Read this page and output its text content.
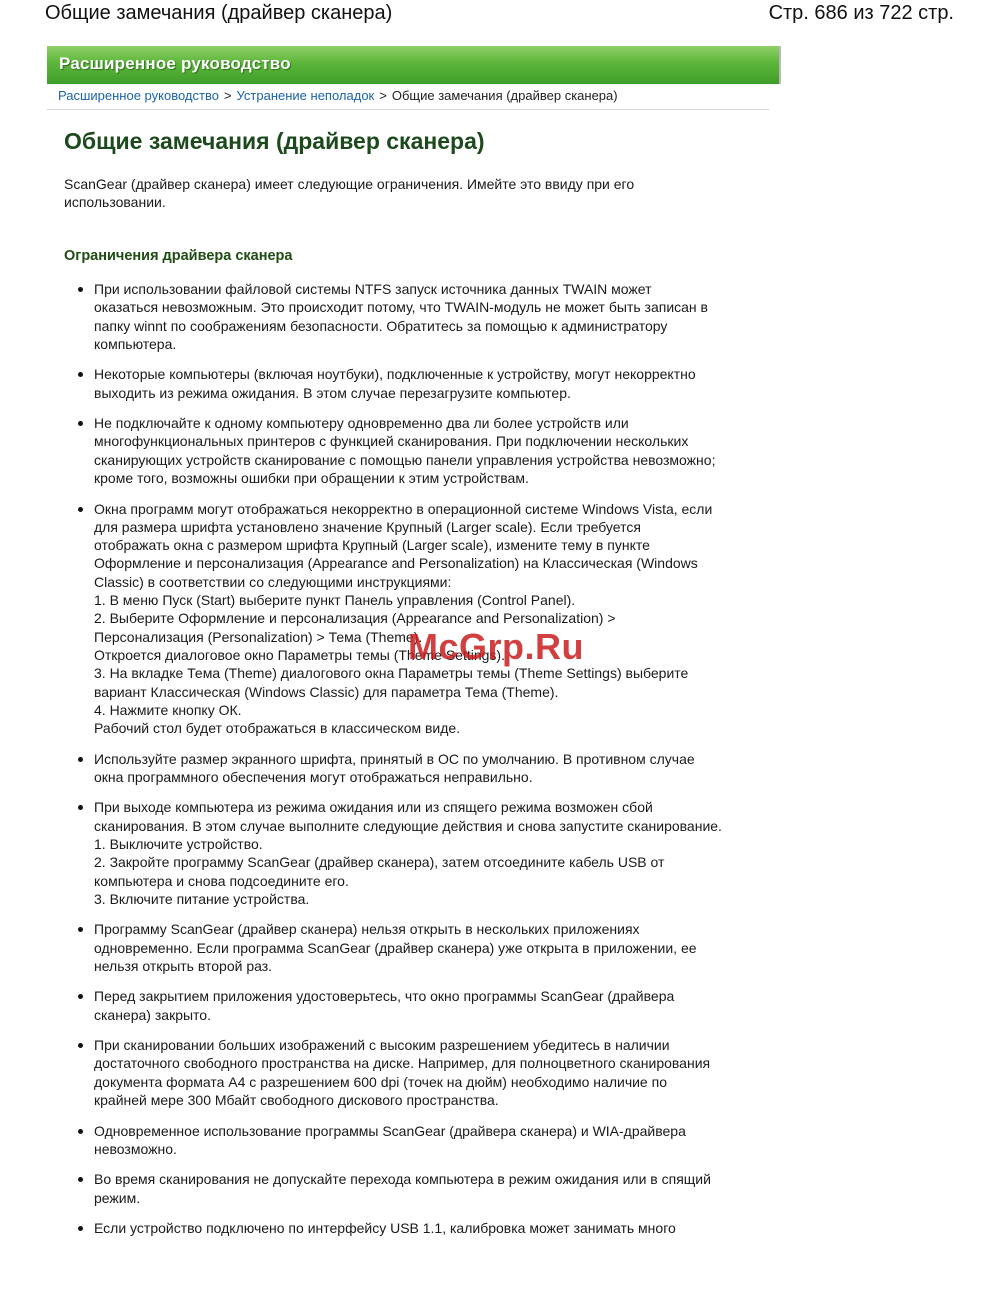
Общие замечания (драйвер сканера)	Стр. 686 из 722 стр.
Расширенное руководство
Расширенное руководство > Устранение неполадок > Общие замечания (драйвер сканера)
Общие замечания (драйвер сканера)

ScanGear (драйвер сканера) имеет следующие ограничения. Имейте это ввиду при его
использовании.

Ограничения драйвера сканера
При использовании файловой системы NTFS запуск источника данных TWAIN может
оказаться невозможным. Это происходит потому, что TWAIN-модуль не может быть записан в
папку winnt по соображениям безопасности. Обратитесь за помощью к администратору
компьютера.
Некоторые компьютеры (включая ноутбуки), подключенные к устройству, могут некорректно
выходить из режима ожидания. В этом случае перезагрузите компьютер.
Не подключайте к одному компьютеру одновременно два ли более устройств или
многофункциональных принтеров с функцией сканирования. При подключении нескольких
сканирующих устройств сканирование с помощью панели управления устройства невозможно;
кроме того, возможны ошибки при обращении к этим устройствам.
Окна программ могут отображаться некорректно в операционной системе Windows Vista, если
для размера шрифта установлено значение Крупный (Larger scale). Если требуется
отображать окна с размером шрифта Крупный (Larger scale), измените тему в пункте
Оформление и персонализация (Appearance and Personalization) на Классическая (Windows
Classic) в соответствии со следующими инструкциями:
1. В меню Пуск (Start) выберите пункт Панель управления (Control Panel).
2. Выберите Оформление и персонализация (Appearance and Personalization) >
Персонализация (Personalization) > Тема (Theme).
Откроется диалоговое окно Параметры темы (Theme Settings).
3. На вкладке Тема (Theme) диалогового окна Параметры темы (Theme Settings) выберите
вариант Классическая (Windows Classic) для параметра Тема (Theme).
4. Нажмите кнопку ОК.
Рабочий стол будет отображаться в классическом виде.
Используйте размер экранного шрифта, принятый в ОС по умолчанию. В противном случае
окна программного обеспечения могут отображаться неправильно.
При выходе компьютера из режима ожидания или из спящего режима возможен сбой
сканирования. В этом случае выполните следующие действия и снова запустите сканирование.
1. Выключите устройство.
2. Закройте программу ScanGear (драйвер сканера), затем отсоедините кабель USB от
компьютера и снова подсоедините его.
3. Включите питание устройства.
Программу ScanGear (драйвер сканера) нельзя открыть в нескольких приложениях
одновременно. Если программа ScanGear (драйвер сканера) уже открыта в приложении, ее
нельзя открыть второй раз.
Перед закрытием приложения удостоверьтесь, что окно программы ScanGear (драйвера
сканера) закрыто.
При сканировании больших изображений с высоким разрешением убедитесь в наличии
достаточного свободного пространства на диске. Например, для полноцветного сканирования
документа формата A4 с разрешением 600 dpi (точек на дюйм) необходимо наличие по
крайней мере 300 Мбайт свободного дискового пространства.
Одновременное использование программы ScanGear (драйвера сканера) и WIA-драйвера
невозможно.
Во время сканирования не допускайте перехода компьютера в режим ожидания или в спящий
режим.
Если устройство подключено по интерфейсу USB 1.1, калибровка может занимать много
McGrp.Ru
